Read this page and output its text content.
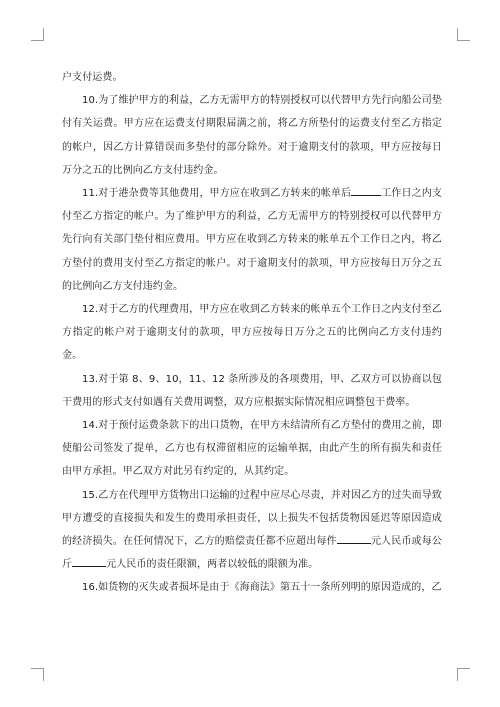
户支付运费。

10.为了维护甲方的利益，乙方无需甲方的特别授权可以代替甲方先行向船公司垫付有关运费。甲方应在运费支付期限届满之前，将乙方所垫付的运费支付至乙方指定的帐户，因乙方计算错误而多垫付的部分除外。对于逾期支付的款项，甲方应按每日万分之五的比例向乙方支付违约金。

11.对于港杂费等其他费用，甲方应在收到乙方转来的帐单后	工作日之内支付至乙方指定的帐户。为了维护甲方的利益，乙方无需甲方的特别授权可以代替甲方先行向有关部门垫付相应费用。甲方应在收到乙方转来的帐单五个工作日之内，将乙方垫付的费用支付至乙方指定的帐户。对于逾期支付的款项，甲方应按每日万分之五的比例向乙方支付违约金。

12.对于乙方的代理费用，甲方应在收到乙方转来的帐单五个工作日之内支付至乙方指定的帐户对于逾期支付的款项，甲方应按每日万分之五的比例向乙方支付违约金。

13.对于第 8、9、10，11、12 条所涉及的各项费用，甲、乙双方可以协商以包干费用的形式支付如遇有关费用调整，双方应根据实际情况相应调整包干费率。

14.对于预付运费条款下的出口货物，在甲方未结清所有乙方垫付的费用之前，即使船公司签发了提单，乙方也有权滞留相应的运输单据，由此产生的所有损失和责任由甲方承担。甲乙双方对此另有约定的，从其约定。

15.乙方在代理甲方货物出口运输的过程中应尽心尽责，并对因乙方的过失而导致甲方遭受的直接损失和发生的费用承担责任，以上损失不包括货物因延迟等原因造成的经济损失。在任何情况下，乙方的赔偿责任都不应超出每件	元人民币或每公斤	元人民币的责任限额，两者以较低的限额为准。

16.如货物的灭失或者损坏是由于《海商法》第五十一条所列明的原因造成的，乙
